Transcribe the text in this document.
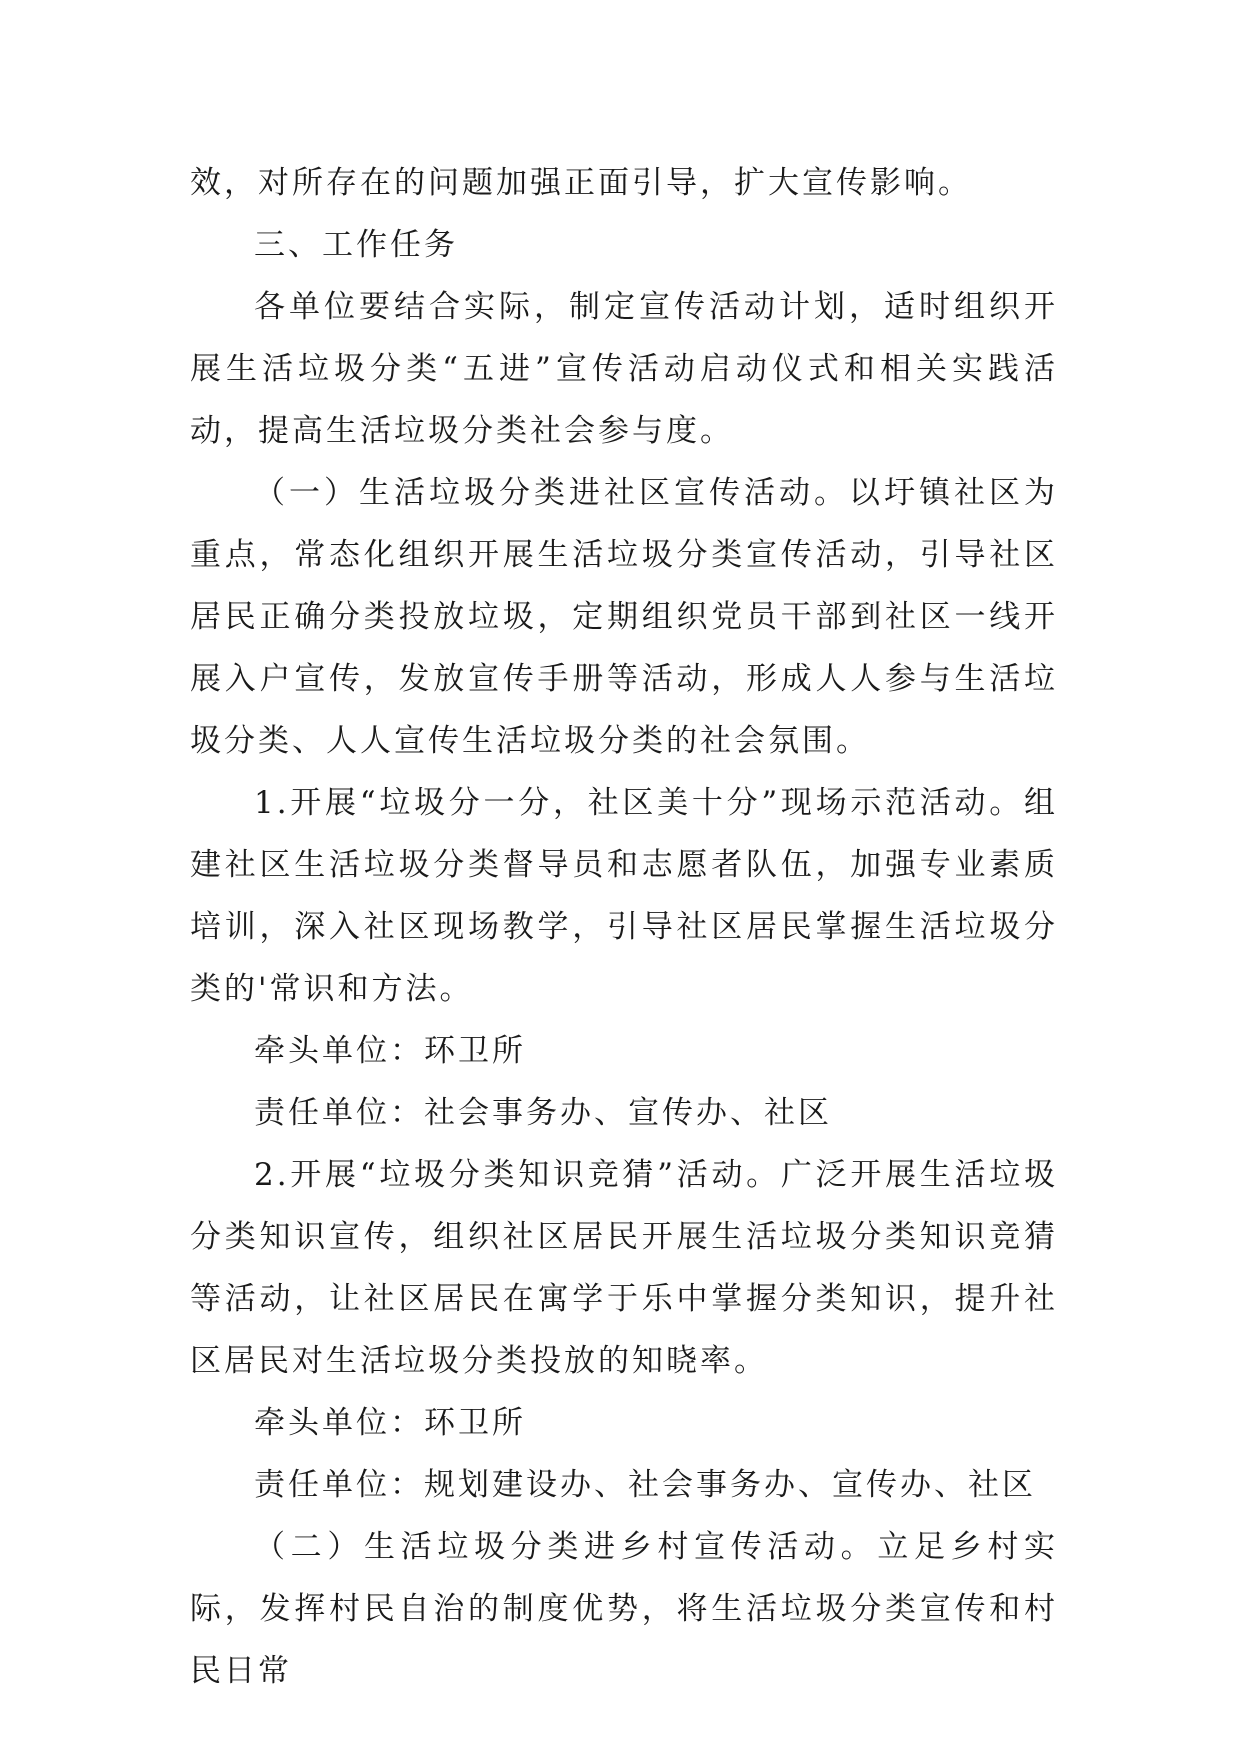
效，对所存在的问题加强正面引导，扩大宣传影响。

三、工作任务

各单位要结合实际，制定宣传活动计划，适时组织开展生活垃圾分类“五进”宣传活动启动仪式和相关实践活动，提高生活垃圾分类社会参与度。

（一）生活垃圾分类进社区宣传活动。以圩镇社区为重点，常态化组织开展生活垃圾分类宣传活动，引导社区居民正确分类投放垃圾，定期组织党员干部到社区一线开展入户宣传，发放宣传手册等活动，形成人人参与生活垃圾分类、人人宣传生活垃圾分类的社会氛围。

1.开展“垃圾分一分，社区美十分”现场示范活动。组建社区生活垃圾分类督导员和志愿者队伍，加强专业素质培训，深入社区现场教学，引导社区居民掌握生活垃圾分类的'常识和方法。

牵头单位：环卫所

责任单位：社会事务办、宣传办、社区

2.开展“垃圾分类知识竞猜”活动。广泛开展生活垃圾分类知识宣传，组织社区居民开展生活垃圾分类知识竞猜等活动，让社区居民在寓学于乐中掌握分类知识，提升社区居民对生活垃圾分类投放的知晓率。

牵头单位：环卫所

责任单位：规划建设办、社会事务办、宣传办、社区

（二）生活垃圾分类进乡村宣传活动。立足乡村实际，发挥村民自治的制度优势，将生活垃圾分类宣传和村民日常
